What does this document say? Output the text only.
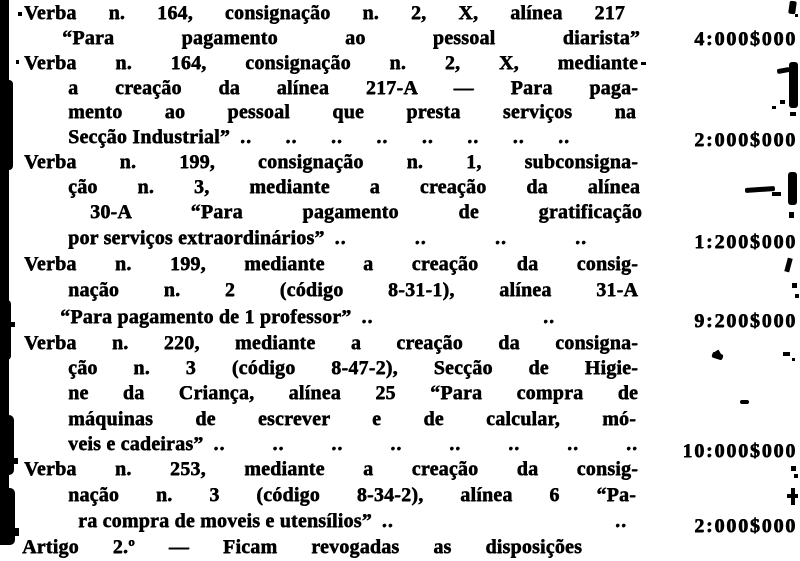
Verba n. 164, consignação n. 2, X, alínea 217
“Para pagamento ao pessoal diarista”	4:000$000
Verba n. 164, consignação n. 2, X, mediante
a creação da alínea 217-A — Para paga-
mento ao pessoal que presta serviços na
Secção Industrial” .. .. .. .. .. .. .. ..	2:000$000
Verba n. 199, consignação n. 1, subconsigna-
ção n. 3, mediante a creação da alínea
30-A “Para pagamento de gratificação
por serviços extraordinários” .. .. .. ..	1:200$000
Verba n. 199, mediante a creação da consig-
nação n. 2 (código 8-31-1), alínea 31-A
“Para pagamento de 1 professor” .. ..	9:200$000
Verba n. 220, mediante a creação da consigna-
ção n. 3 (código 8-47-2), Secção de Higie-
ne da Criança, alínea 25 “Para compra de
máquinas de escrever e de calcular, mó-
veis e cadeiras” .. .. .. .. .. .. .. ..	10:000$000
Verba n. 253, mediante a creação da consig-
nação n. 3 (código 8-34-2), alínea 6 “Pa-
ra compra de moveis e utensílios” .. ..	2:000$000
Artigo 2.º — Ficam revogadas as disposições
